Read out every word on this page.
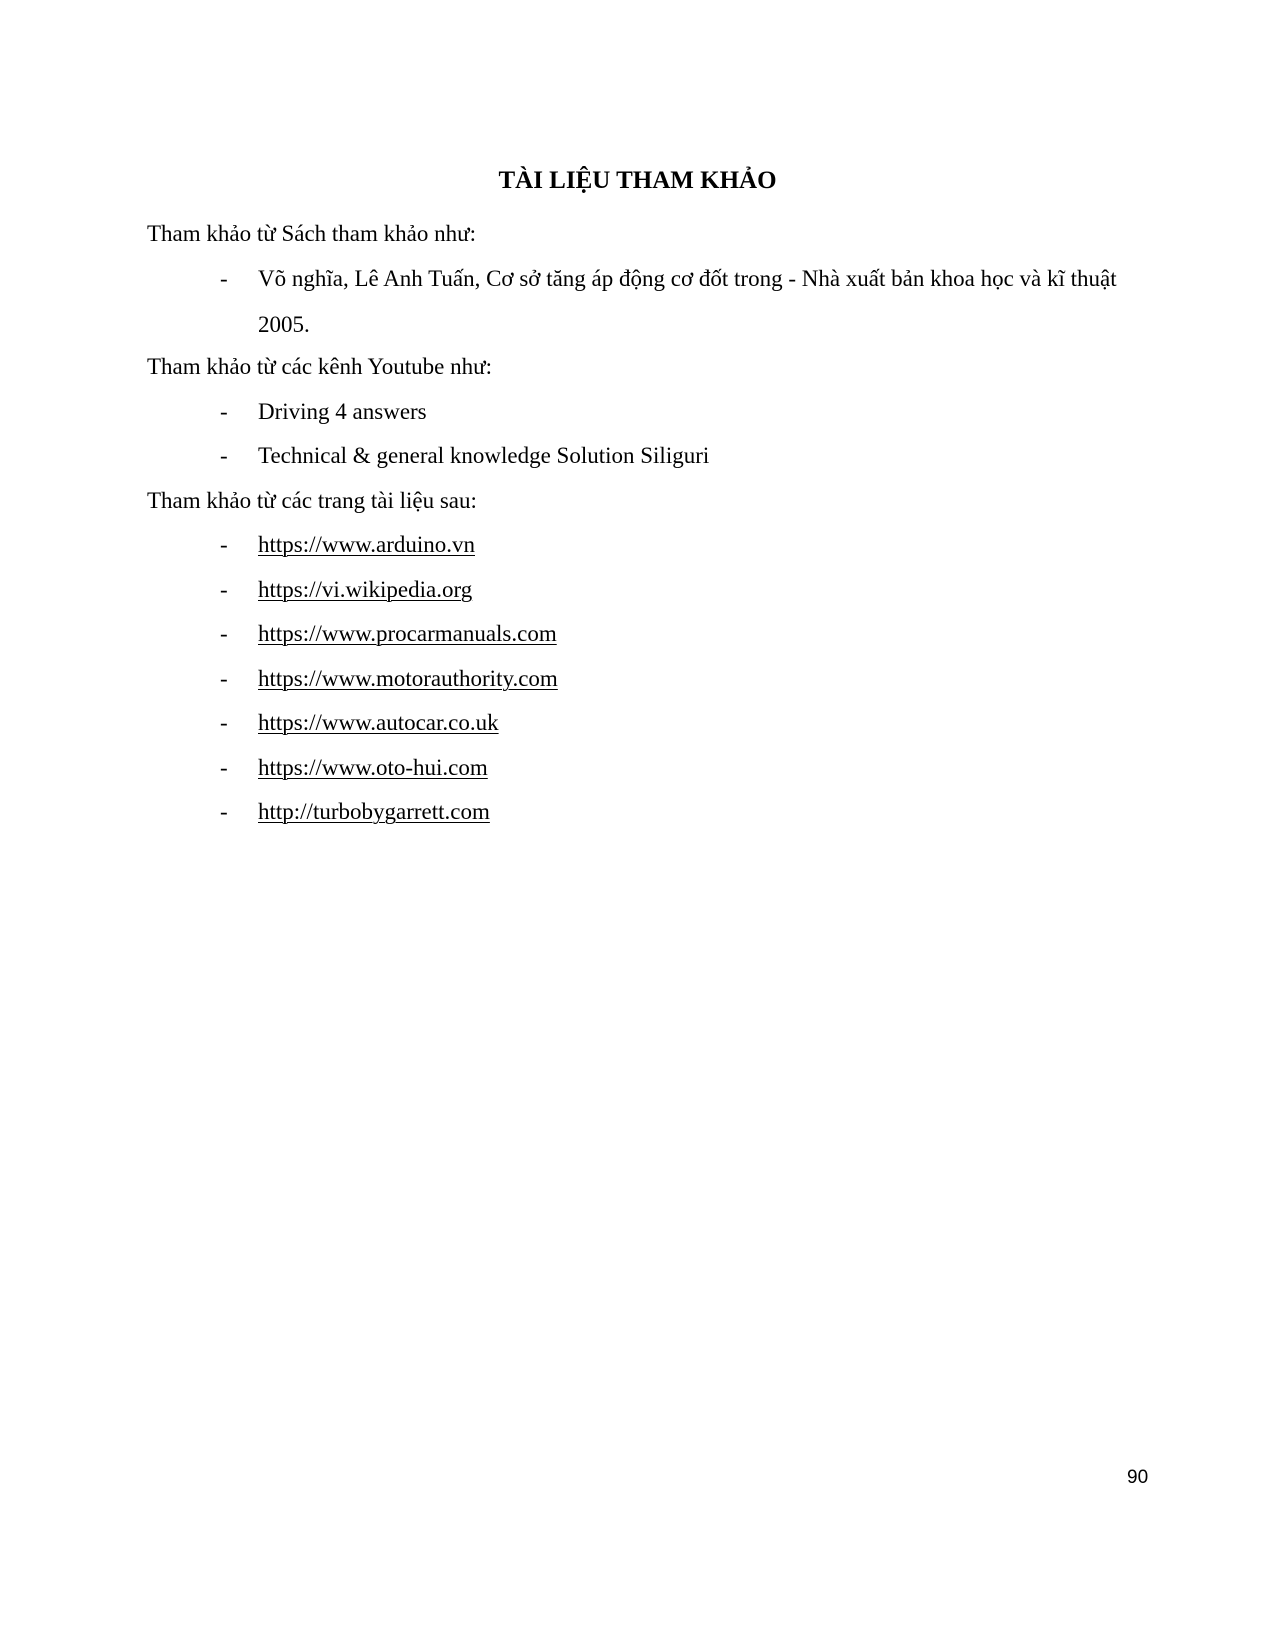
TÀI LIỆU THAM KHẢO

Tham khảo từ Sách tham khảo như:

-	Võ nghĩa, Lê Anh Tuấn, Cơ sở tăng áp động cơ đốt trong - Nhà xuất bản khoa học và kĩ thuật 2005.

Tham khảo từ các kênh Youtube như:

-	Driving 4 answers
-	Technical & general knowledge Solution Siliguri

Tham khảo từ các trang tài liệu sau:

-	https://www.arduino.vn
-	https://vi.wikipedia.org
-	https://www.procarmanuals.com
-	https://www.motorauthority.com
-	https://www.autocar.co.uk
-	https://www.oto-hui.com
-	http://turbobygarrett.com
90
